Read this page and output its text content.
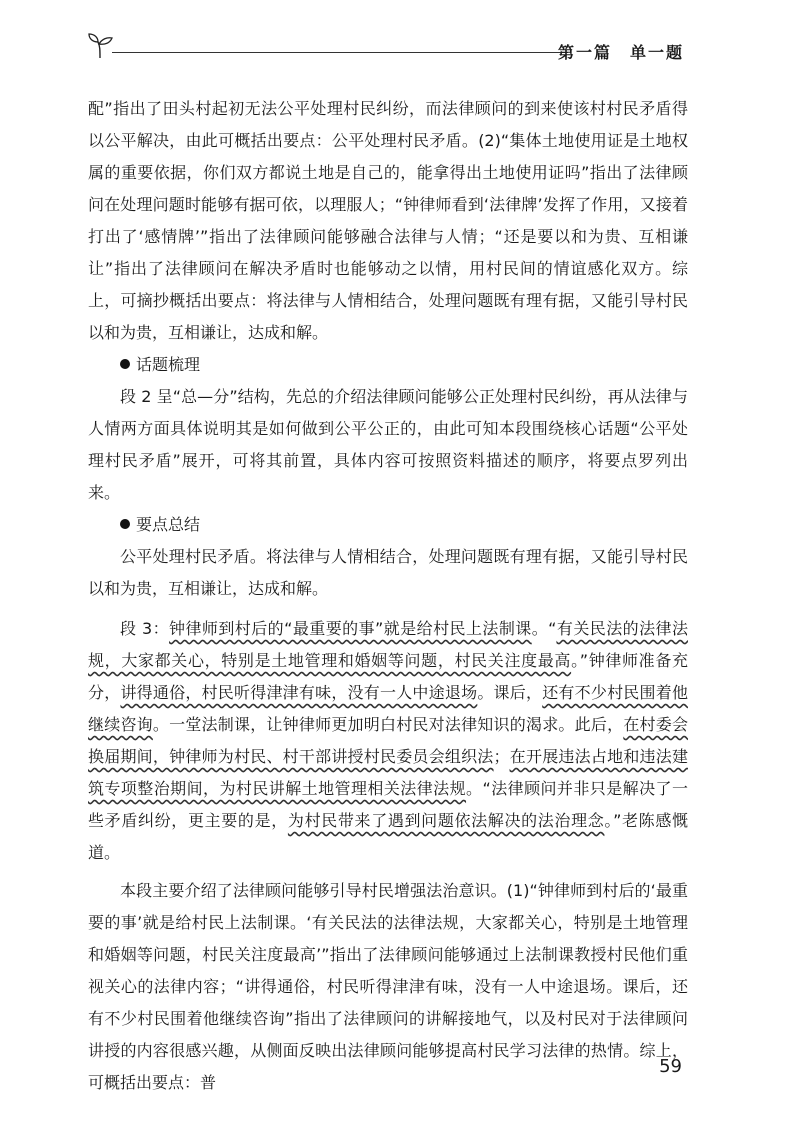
第一篇　单一题

配”指出了田头村起初无法公平处理村民纠纷，而法律顾问的到来使该村村民矛盾得以公平解决，由此可概括出要点：公平处理村民矛盾。(2)“集体土地使用证是土地权属的重要依据，你们双方都说土地是自己的，能拿得出土地使用证吗”指出了法律顾问在处理问题时能够有据可依，以理服人；“钟律师看到‘法律牌’发挥了作用，又接着打出了‘感情牌’”指出了法律顾问能够融合法律与人情；“还是要以和为贵、互相谦让”指出了法律顾问在解决矛盾时也能够动之以情，用村民间的情谊感化双方。综上，可摘抄概括出要点：将法律与人情相结合，处理问题既有理有据，又能引导村民以和为贵，互相谦让，达成和解。

话题梳理

段 2 呈“总—分”结构，先总的介绍法律顾问能够公正处理村民纠纷，再从法律与人情两方面具体说明其是如何做到公平公正的，由此可知本段围绕核心话题“公平处理村民矛盾”展开，可将其前置，具体内容可按照资料描述的顺序，将要点罗列出来。

要点总结

公平处理村民矛盾。将法律与人情相结合，处理问题既有理有据，又能引导村民以和为贵，互相谦让，达成和解。

段 3：钟律师到村后的“最重要的事”就是给村民上法制课。“有关民法的法律法规，大家都关心，特别是土地管理和婚姻等问题，村民关注度最高。”钟律师准备充分，讲得通俗，村民听得津津有味，没有一人中途退场。课后，还有不少村民围着他继续咨询。一堂法制课，让钟律师更加明白村民对法律知识的渴求。此后，在村委会换届期间，钟律师为村民、村干部讲授村民委员会组织法；在开展违法占地和违法建筑专项整治期间，为村民讲解土地管理相关法律法规。“法律顾问并非只是解决了一些矛盾纠纷，更主要的是，为村民带来了遇到问题依法解决的法治理念。”老陈感慨道。

本段主要介绍了法律顾问能够引导村民增强法治意识。(1)“钟律师到村后的‘最重要的事’就是给村民上法制课。‘有关民法的法律法规，大家都关心，特别是土地管理和婚姻等问题，村民关注度最高’”指出了法律顾问能够通过上法制课教授村民他们重视关心的法律内容；“讲得通俗，村民听得津津有味，没有一人中途退场。课后，还有不少村民围着他继续咨询”指出了法律顾问的讲解接地气，以及村民对于法律顾问讲授的内容很感兴趣，从侧面反映出法律顾问能够提高村民学习法律的热情。综上，可概括出要点：普

59
